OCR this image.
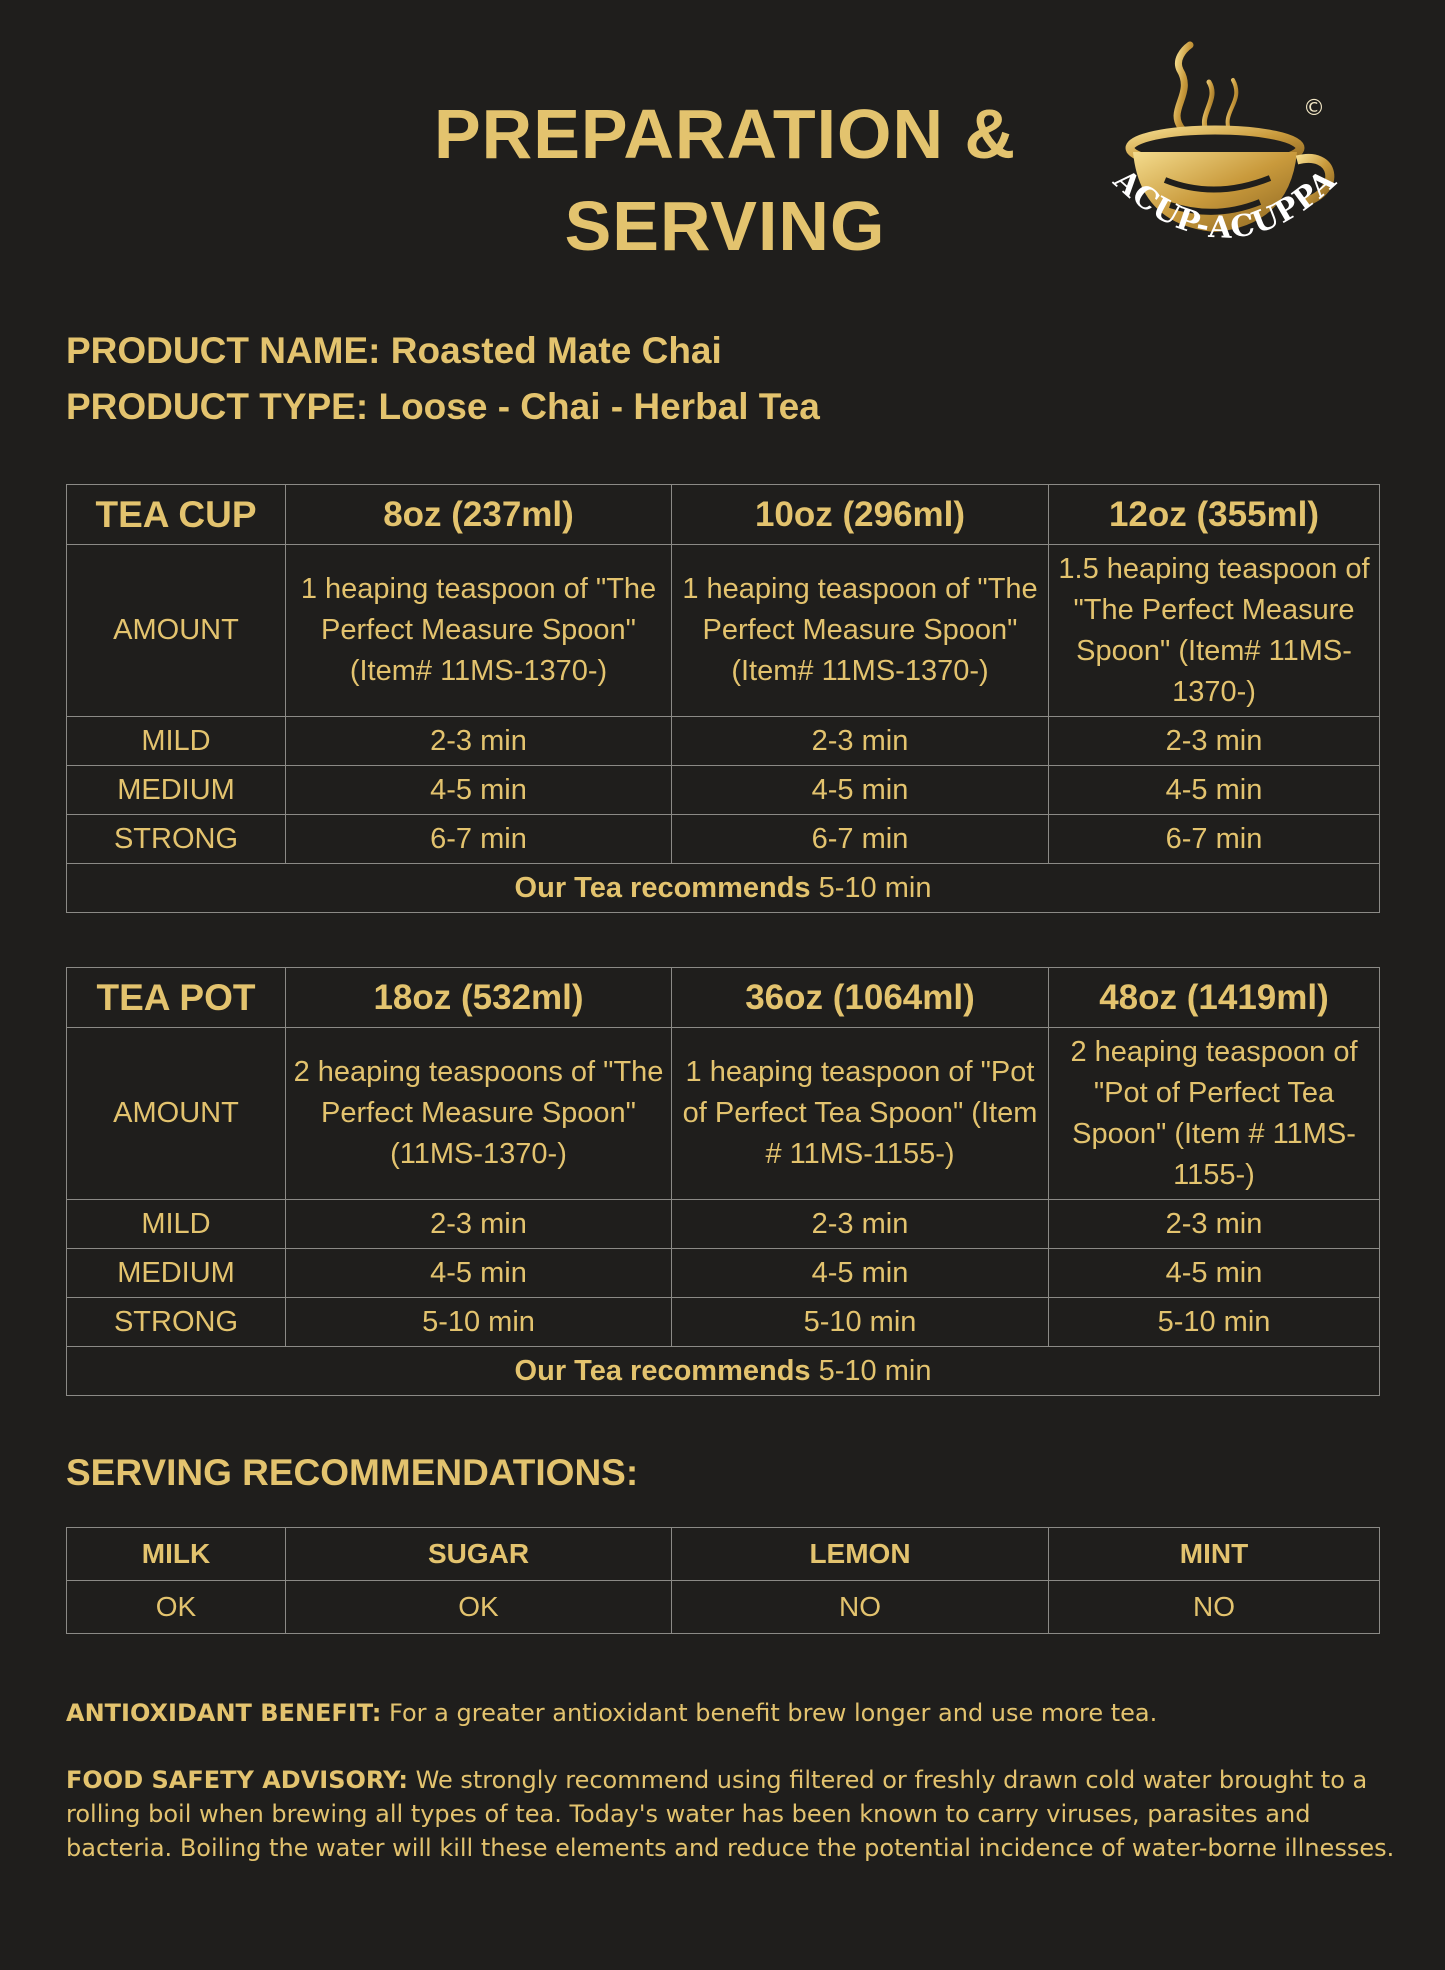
PREPARATION &
SERVING
©
ACUP-ACUPPA
PRODUCT NAME: Roasted Mate Chai
PRODUCT TYPE: Loose - Chai - Herbal Tea
TEA CUP	8oz (237ml)	10oz (296ml)	12oz (355ml)
AMOUNT	1 heaping teaspoon of "The Perfect Measure Spoon" (Item# 11MS-1370-)	1 heaping teaspoon of "The Perfect Measure Spoon" (Item# 11MS-1370-)	1.5 heaping teaspoon of "The Perfect Measure Spoon" (Item# 11MS-1370-)
MILD	2-3 min	2-3 min	2-3 min
MEDIUM	4-5 min	4-5 min	4-5 min
STRONG	6-7 min	6-7 min	6-7 min
Our Tea recommends 5-10 min			
TEA POT	18oz (532ml)	36oz (1064ml)	48oz (1419ml)
AMOUNT	2 heaping teaspoons of "The Perfect Measure Spoon" (11MS-1370-)	1 heaping teaspoon of "Pot of Perfect Tea Spoon" (Item # 11MS-1155-)	2 heaping teaspoon of "Pot of Perfect Tea Spoon" (Item # 11MS-1155-)
MILD	2-3 min	2-3 min	2-3 min
MEDIUM	4-5 min	4-5 min	4-5 min
STRONG	5-10 min	5-10 min	5-10 min
Our Tea recommends 5-10 min			
SERVING RECOMMENDATIONS:
MILK	SUGAR	LEMON	MINT
OK	OK	NO	NO
ANTIOXIDANT BENEFIT: For a greater antioxidant benefit brew longer and use more tea.
FOOD SAFETY ADVISORY: We strongly recommend using filtered or freshly drawn cold water brought to a rolling boil when brewing all types of tea. Today's water has been known to carry viruses, parasites and bacteria. Boiling the water will kill these elements and reduce the potential incidence of water-borne illnesses.
